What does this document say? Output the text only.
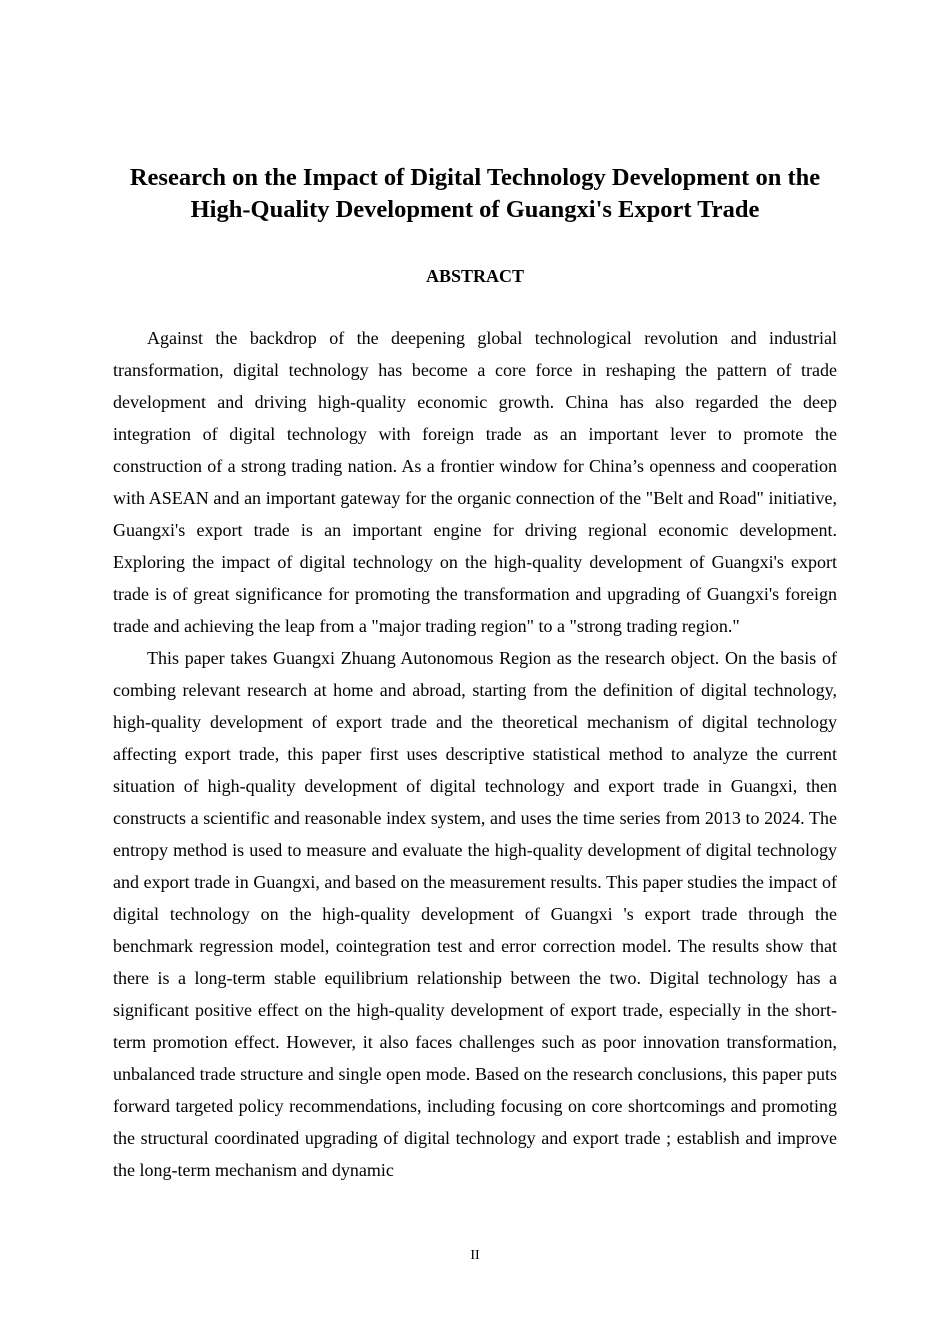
Research on the Impact of Digital Technology Development on the
High-Quality Development of Guangxi's Export Trade
ABSTRACT

Against the backdrop of the deepening global technological revolution and industrial transformation, digital technology has become a core force in reshaping the pattern of trade development and driving high-quality economic growth. China has also regarded the deep integration of digital technology with foreign trade as an important lever to promote the construction of a strong trading nation. As a frontier window for China’s openness and cooperation with ASEAN and an important gateway for the organic connection of the "Belt and Road" initiative, Guangxi's export trade is an important engine for driving regional economic development. Exploring the impact of digital technology on the high-quality development of Guangxi's export trade is of great significance for promoting the transformation and upgrading of Guangxi's foreign trade and achieving the leap from a "major trading region" to a "strong trading region."

This paper takes Guangxi Zhuang Autonomous Region as the research object. On the basis of combing relevant research at home and abroad, starting from the definition of digital technology, high-quality development of export trade and the theoretical mechanism of digital technology affecting export trade, this paper first uses descriptive statistical method to analyze the current situation of high-quality development of digital technology and export trade in Guangxi, then constructs a scientific and reasonable index system, and uses the time series from 2013 to 2024. The entropy method is used to measure and evaluate the high-quality development of digital technology and export trade in Guangxi, and based on the measurement results. This paper studies the impact of digital technology on the high-quality development of Guangxi 's export trade through the benchmark regression model, cointegration test and error correction model. The results show that there is a long-term stable equilibrium relationship between the two. Digital technology has a significant positive effect on the high-quality development of export trade, especially in the short-term promotion effect. However, it also faces challenges such as poor innovation transformation, unbalanced trade structure and single open mode. Based on the research conclusions, this paper puts forward targeted policy recommendations, including focusing on core shortcomings and promoting the structural coordinated upgrading of digital technology and export trade ; establish and improve the long-term mechanism and dynamic

II
